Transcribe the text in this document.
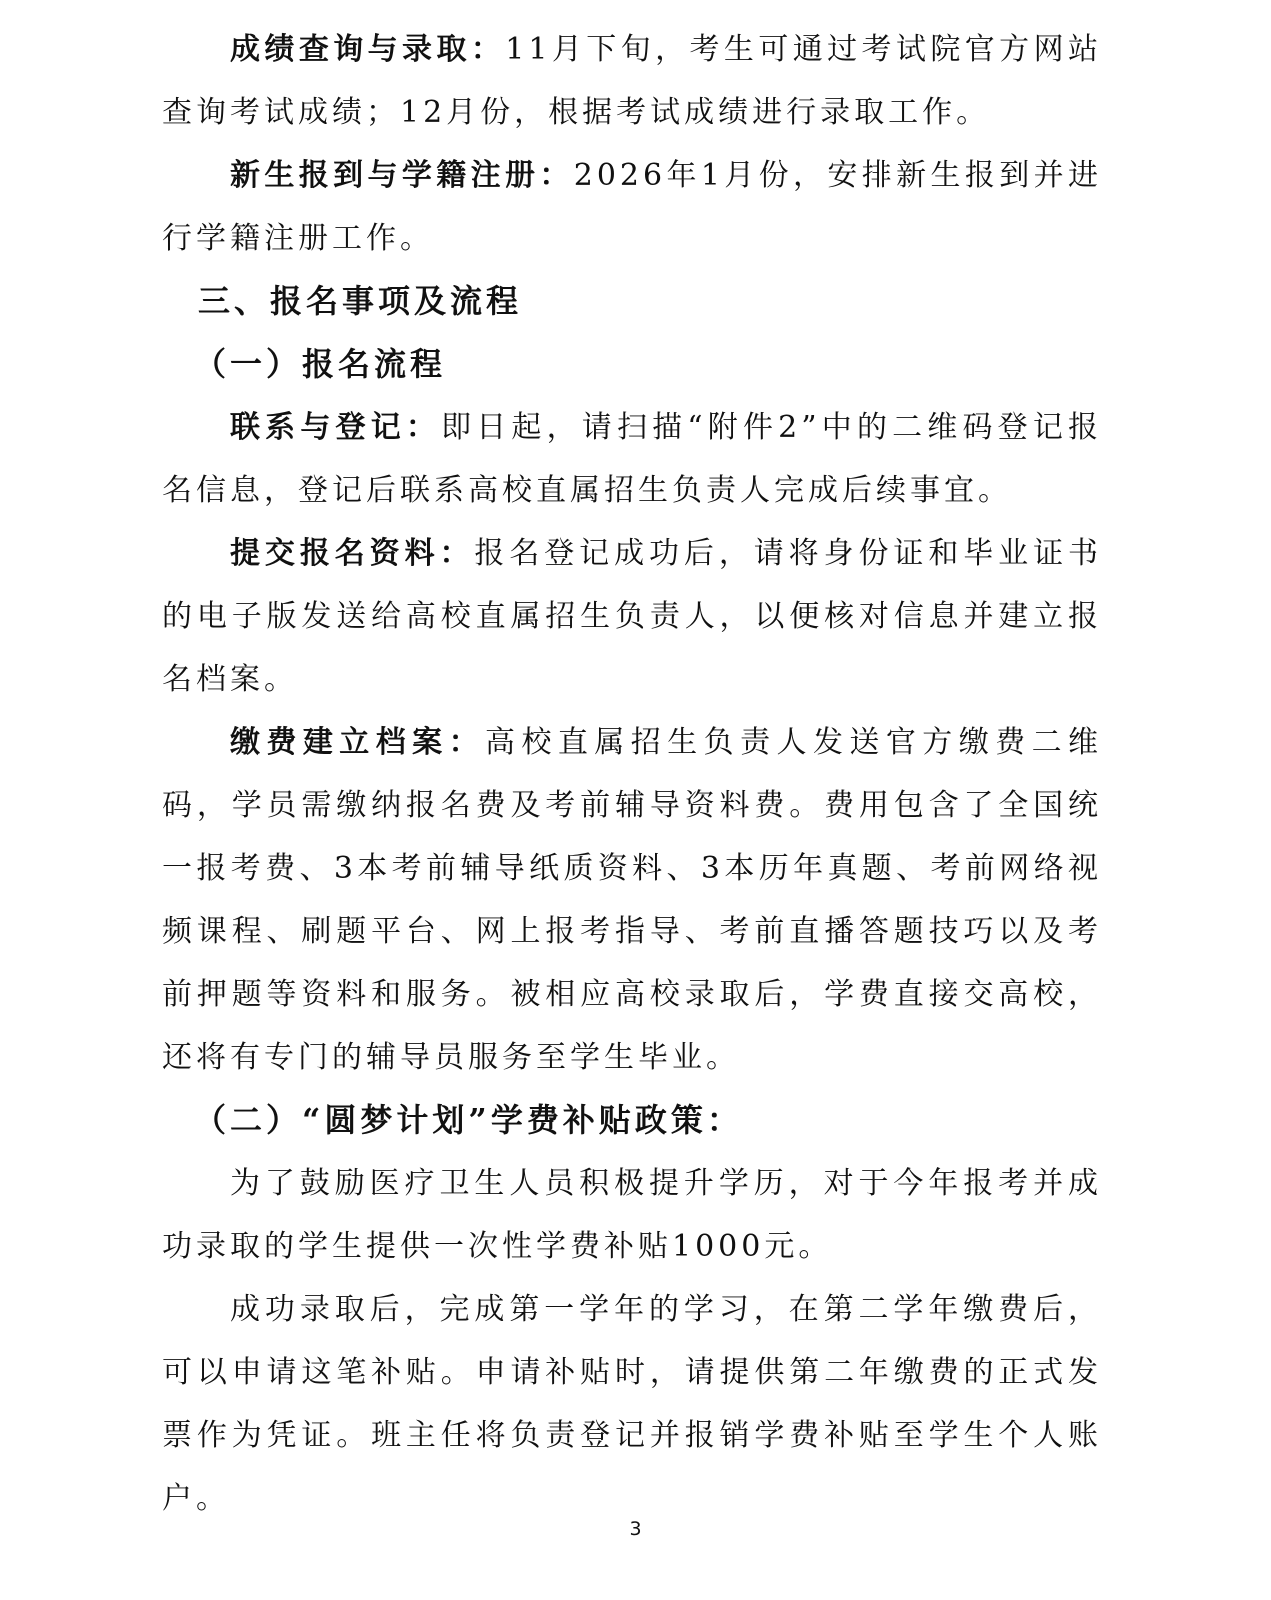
成绩查询与录取：11月下旬，考生可通过考试院官方网站查询考试成绩；12月份，根据考试成绩进行录取工作。

新生报到与学籍注册：2026年1月份，安排新生报到并进行学籍注册工作。

三、报名事项及流程

（一）报名流程

联系与登记：即日起，请扫描“附件2”中的二维码登记报名信息，登记后联系高校直属招生负责人完成后续事宜。

提交报名资料：报名登记成功后，请将身份证和毕业证书的电子版发送给高校直属招生负责人，以便核对信息并建立报名档案。

缴费建立档案：高校直属招生负责人发送官方缴费二维码，学员需缴纳报名费及考前辅导资料费。费用包含了全国统一报考费、3本考前辅导纸质资料、3本历年真题、考前网络视频课程、刷题平台、网上报考指导、考前直播答题技巧以及考前押题等资料和服务。被相应高校录取后，学费直接交高校，还将有专门的辅导员服务至学生毕业。

（二）“圆梦计划”学费补贴政策：

为了鼓励医疗卫生人员积极提升学历，对于今年报考并成功录取的学生提供一次性学费补贴1000元。

成功录取后，完成第一学年的学习，在第二学年缴费后，可以申请这笔补贴。申请补贴时，请提供第二年缴费的正式发票作为凭证。班主任将负责登记并报销学费补贴至学生个人账户。

3
